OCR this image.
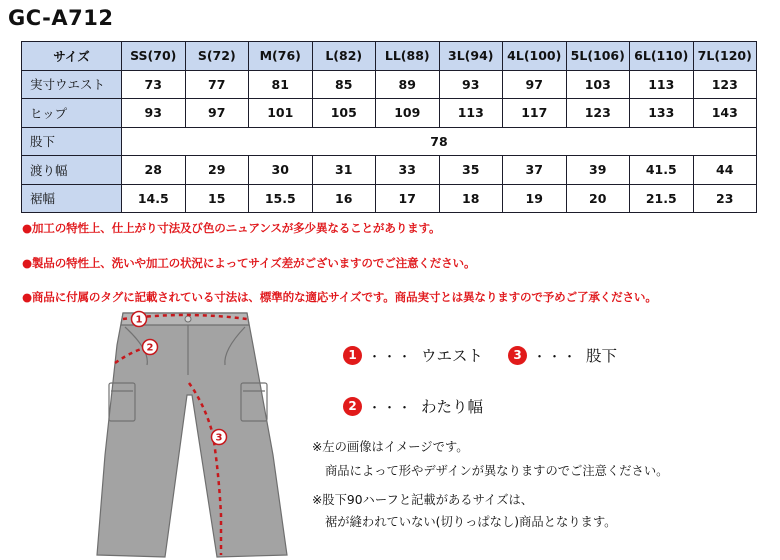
GC-A712
サイズ	SS(70)	S(72)	M(76)	L(82)	LL(88)	3L(94)	4L(100)	5L(106)	6L(110)	7L(120)
実寸ウエスト	73	77	81	85	89	93	97	103	113	123
ヒップ	93	97	101	105	109	113	117	123	133	143
股下	78									
渡り幅	28	29	30	31	33	35	37	39	41.5	44
裾幅	14.5	15	15.5	16	17	18	19	20	21.5	23
●加工の特性上、仕上がり寸法及び色のニュアンスが多少異なることがあります。
●製品の特性上、洗いや加工の状況によってサイズ差がございますのでご注意ください。
●商品に付属のタグに記載されている寸法は、標準的な適応サイズです。商品実寸とは異なりますので予めご了承ください。
1
2
3
1 ・・・ ウエスト	3 ・・・ 股下
2 ・・・ わたり幅
※左の画像はイメージです。
商品によって形やデザインが異なりますのでご注意ください。
※股下90ハーフと記載があるサイズは、
裾が縫われていない(切りっぱなし)商品となります。
